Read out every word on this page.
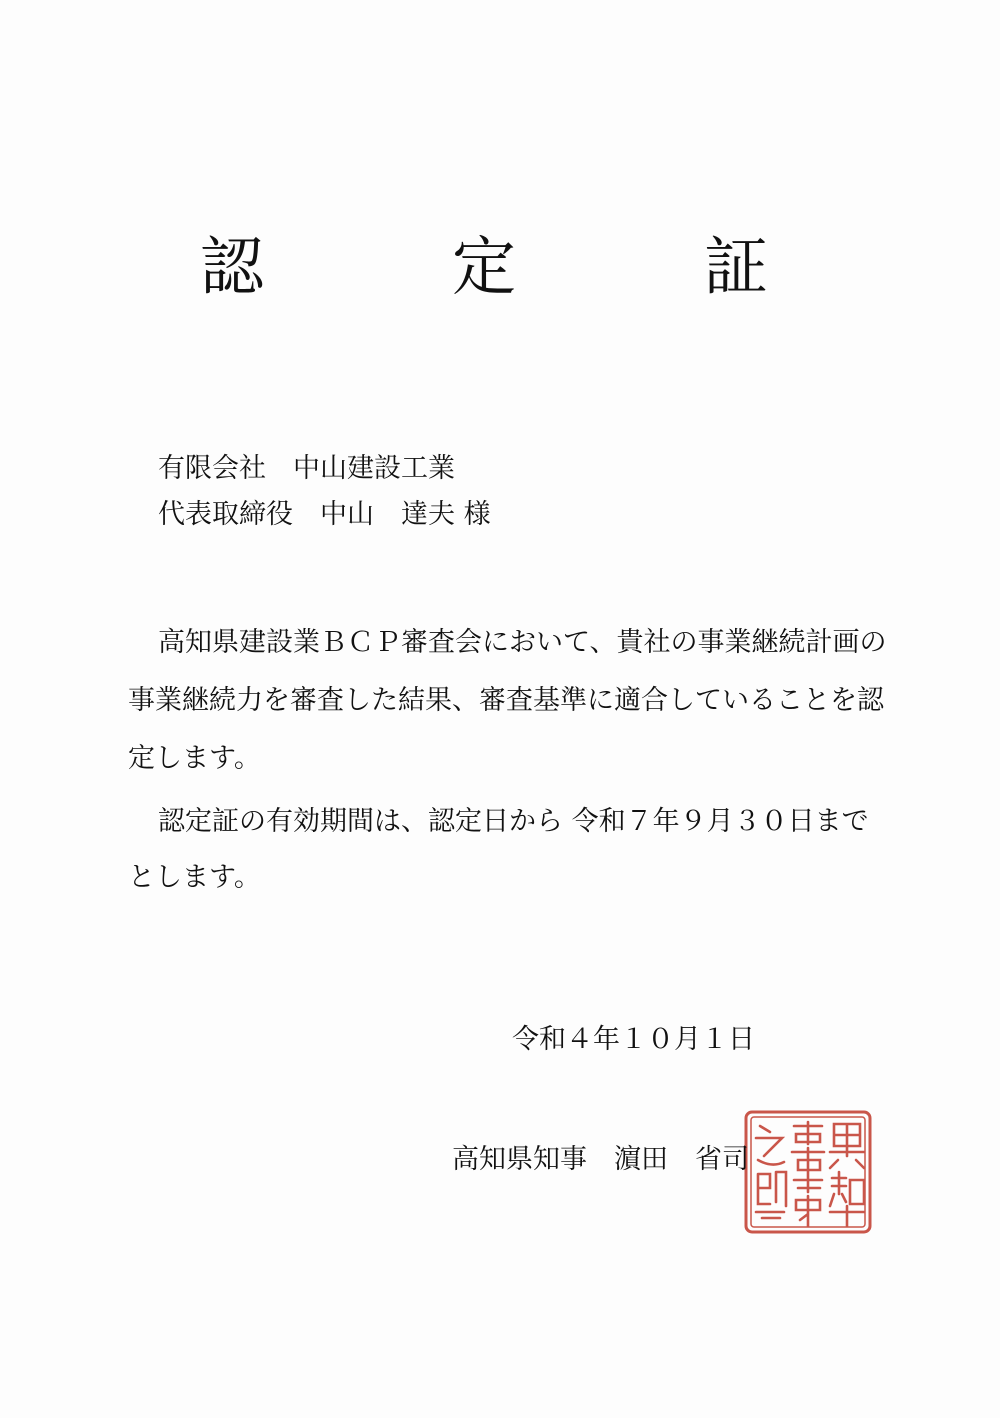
認　定　証
有限会社　中山建設工業
代表取締役　中山　達夫 様

高知県建設業ＢＣＰ審査会において、貴社の事業継続計画の事業継続力を審査した結果、審査基準に適合していることを認定します。

認定証の有効期間は、認定日から 令和７年９月３０日までとします。

令和４年１０月１日
高知県知事　濵田　省司
